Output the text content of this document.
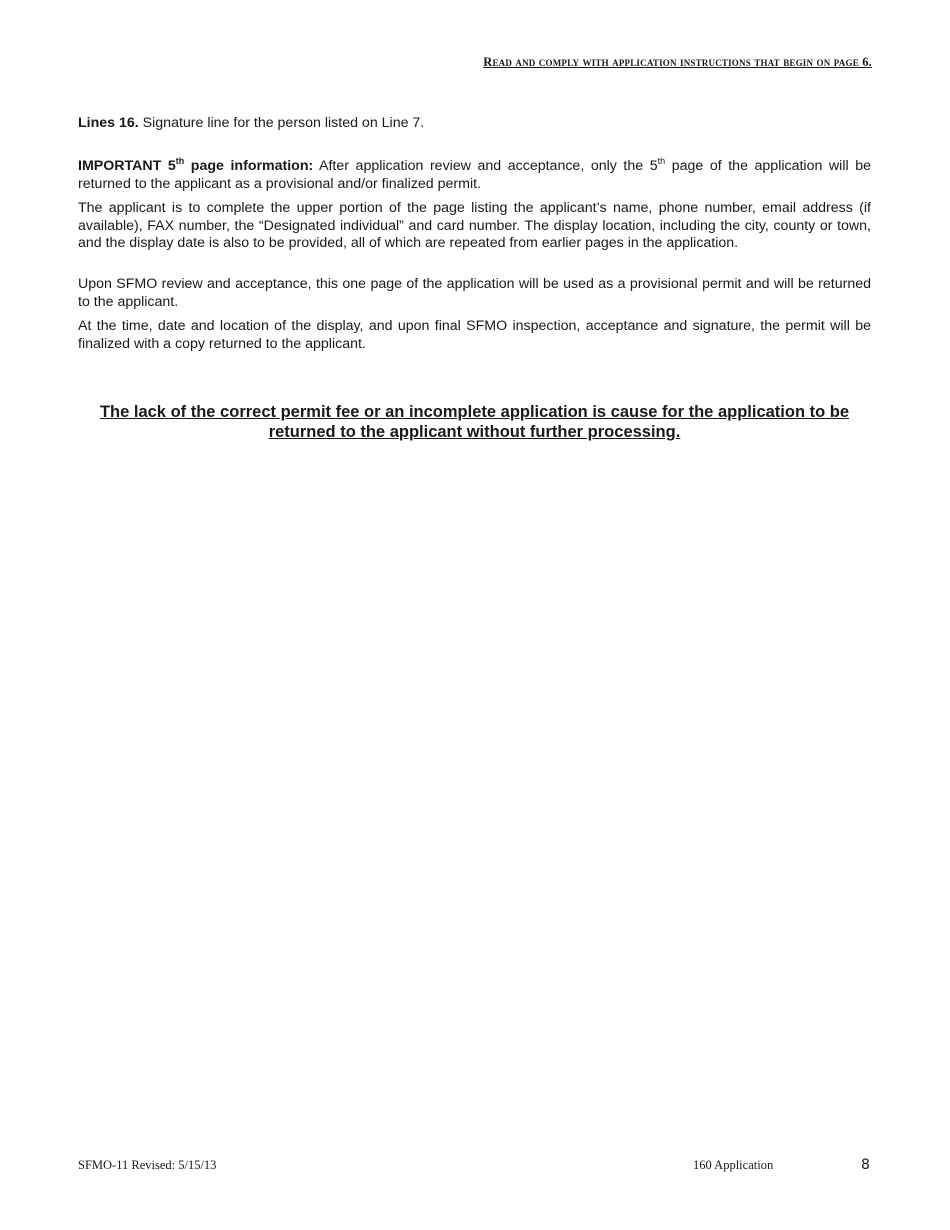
Read and comply with application instructions that begin on page 6.

Lines 16. Signature line for the person listed on Line 7.

IMPORTANT 5th page information: After application review and acceptance, only the 5th page of the application will be returned to the applicant as a provisional and/or finalized permit.

The applicant is to complete the upper portion of the page listing the applicant’s name, phone number, email address (if available), FAX number, the “Designated individual” and card number. The display location, including the city, county or town, and the display date is also to be provided, all of which are repeated from earlier pages in the application.

Upon SFMO review and acceptance, this one page of the application will be used as a provisional permit and will be returned to the applicant.

At the time, date and location of the display, and upon final SFMO inspection, acceptance and signature, the permit will be finalized with a copy returned to the applicant.

The lack of the correct permit fee or an incomplete application is cause for the application to be returned to the applicant without further processing.
SFMO-11 Revised: 5/15/13	160 Application	8
